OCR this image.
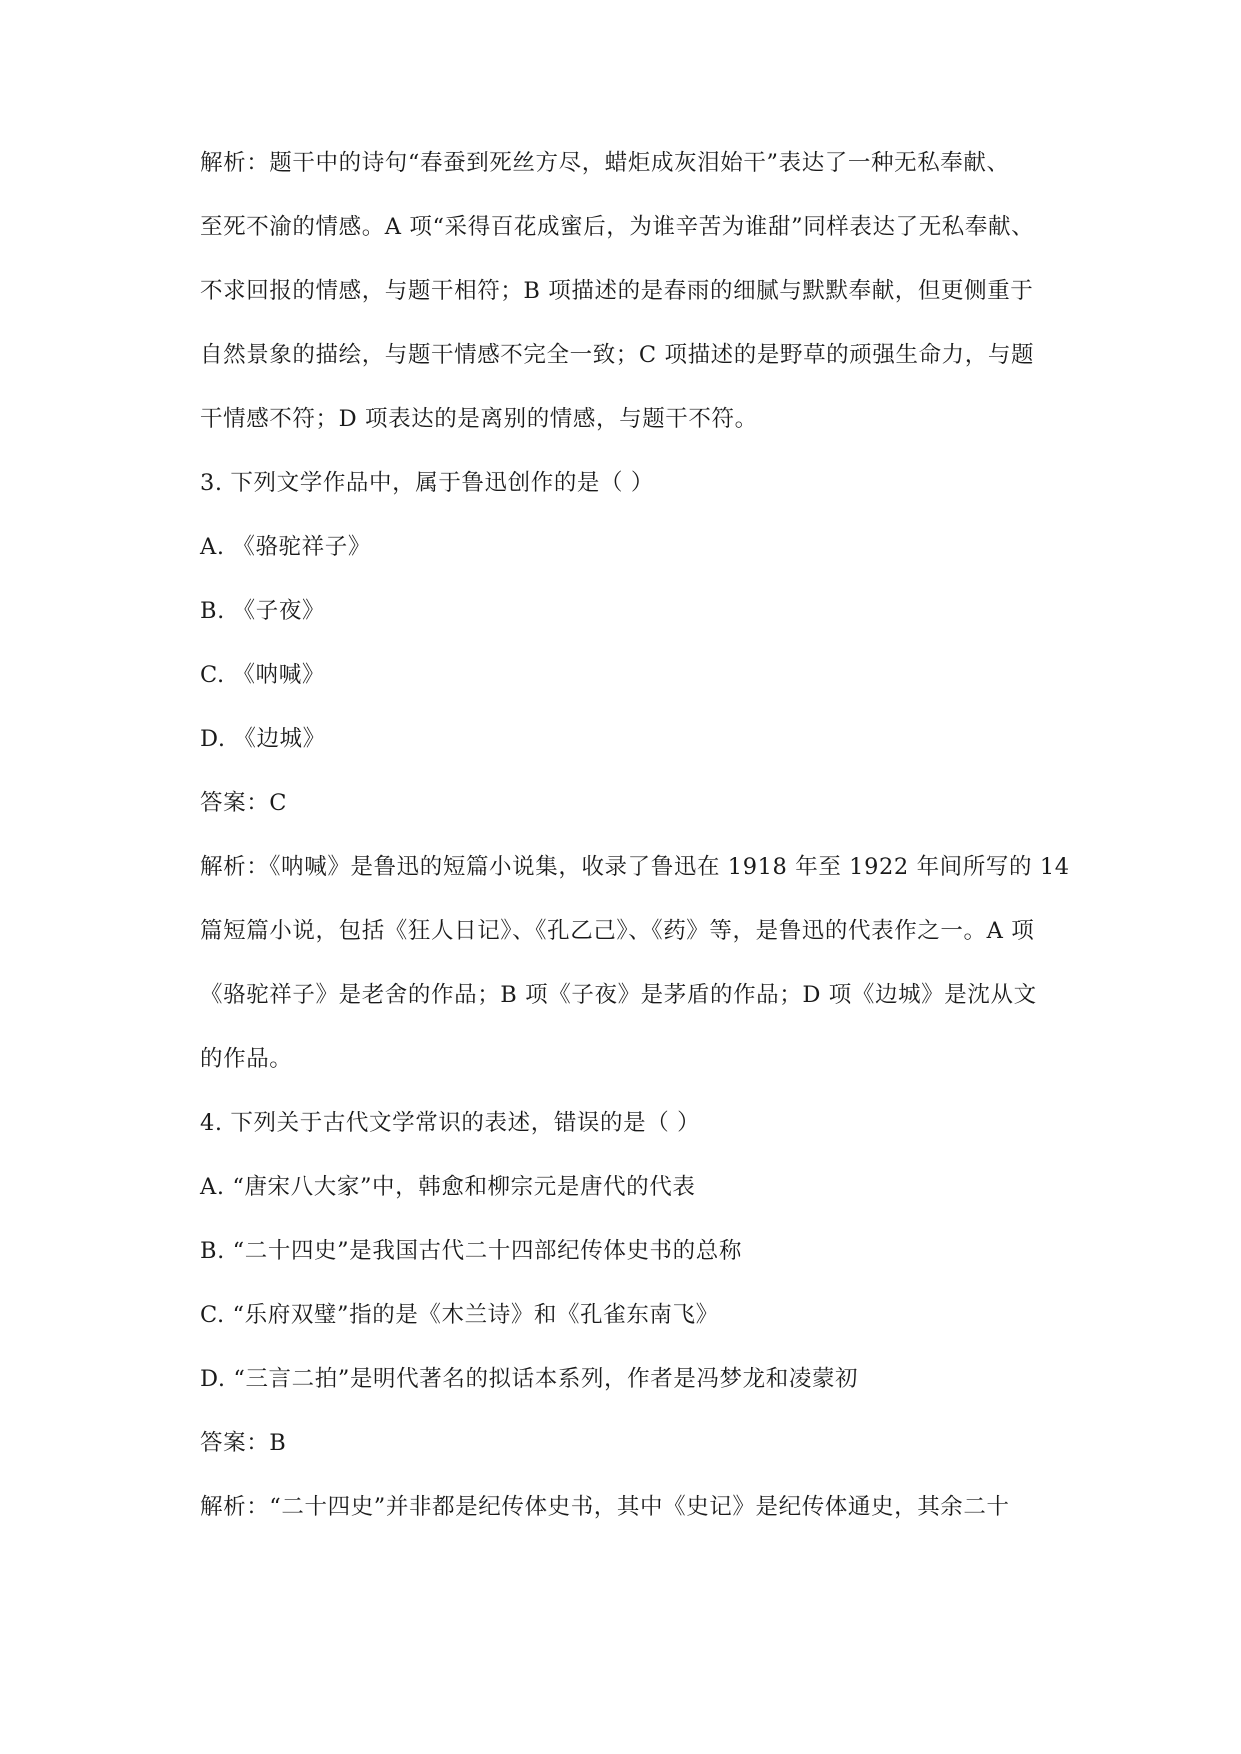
解析：题干中的诗句“春蚕到死丝方尽，蜡炬成灰泪始干”表达了一种无私奉献、

至死不渝的情感。A 项“采得百花成蜜后，为谁辛苦为谁甜”同样表达了无私奉献、

不求回报的情感，与题干相符；B 项描述的是春雨的细腻与默默奉献，但更侧重于

自然景象的描绘，与题干情感不完全一致；C 项描述的是野草的顽强生命力，与题

干情感不符；D 项表达的是离别的情感，与题干不符。

3. 下列文学作品中，属于鲁迅创作的是（ ）

A. 《骆驼祥子》

B. 《子夜》

C. 《呐喊》

D. 《边城》

答案：C

解析：《呐喊》是鲁迅的短篇小说集，收录了鲁迅在 1918 年至 1922 年间所写的 14

篇短篇小说，包括《狂人日记》、《孔乙己》、《药》等，是鲁迅的代表作之一。A 项

《骆驼祥子》是老舍的作品；B 项《子夜》是茅盾的作品；D 项《边城》是沈从文

的作品。

4. 下列关于古代文学常识的表述，错误的是（ ）

A. “唐宋八大家”中，韩愈和柳宗元是唐代的代表

B. “二十四史”是我国古代二十四部纪传体史书的总称

C. “乐府双璧”指的是《木兰诗》和《孔雀东南飞》

D. “三言二拍”是明代著名的拟话本系列，作者是冯梦龙和凌蒙初

答案：B

解析：“二十四史”并非都是纪传体史书，其中《史记》是纪传体通史，其余二十
